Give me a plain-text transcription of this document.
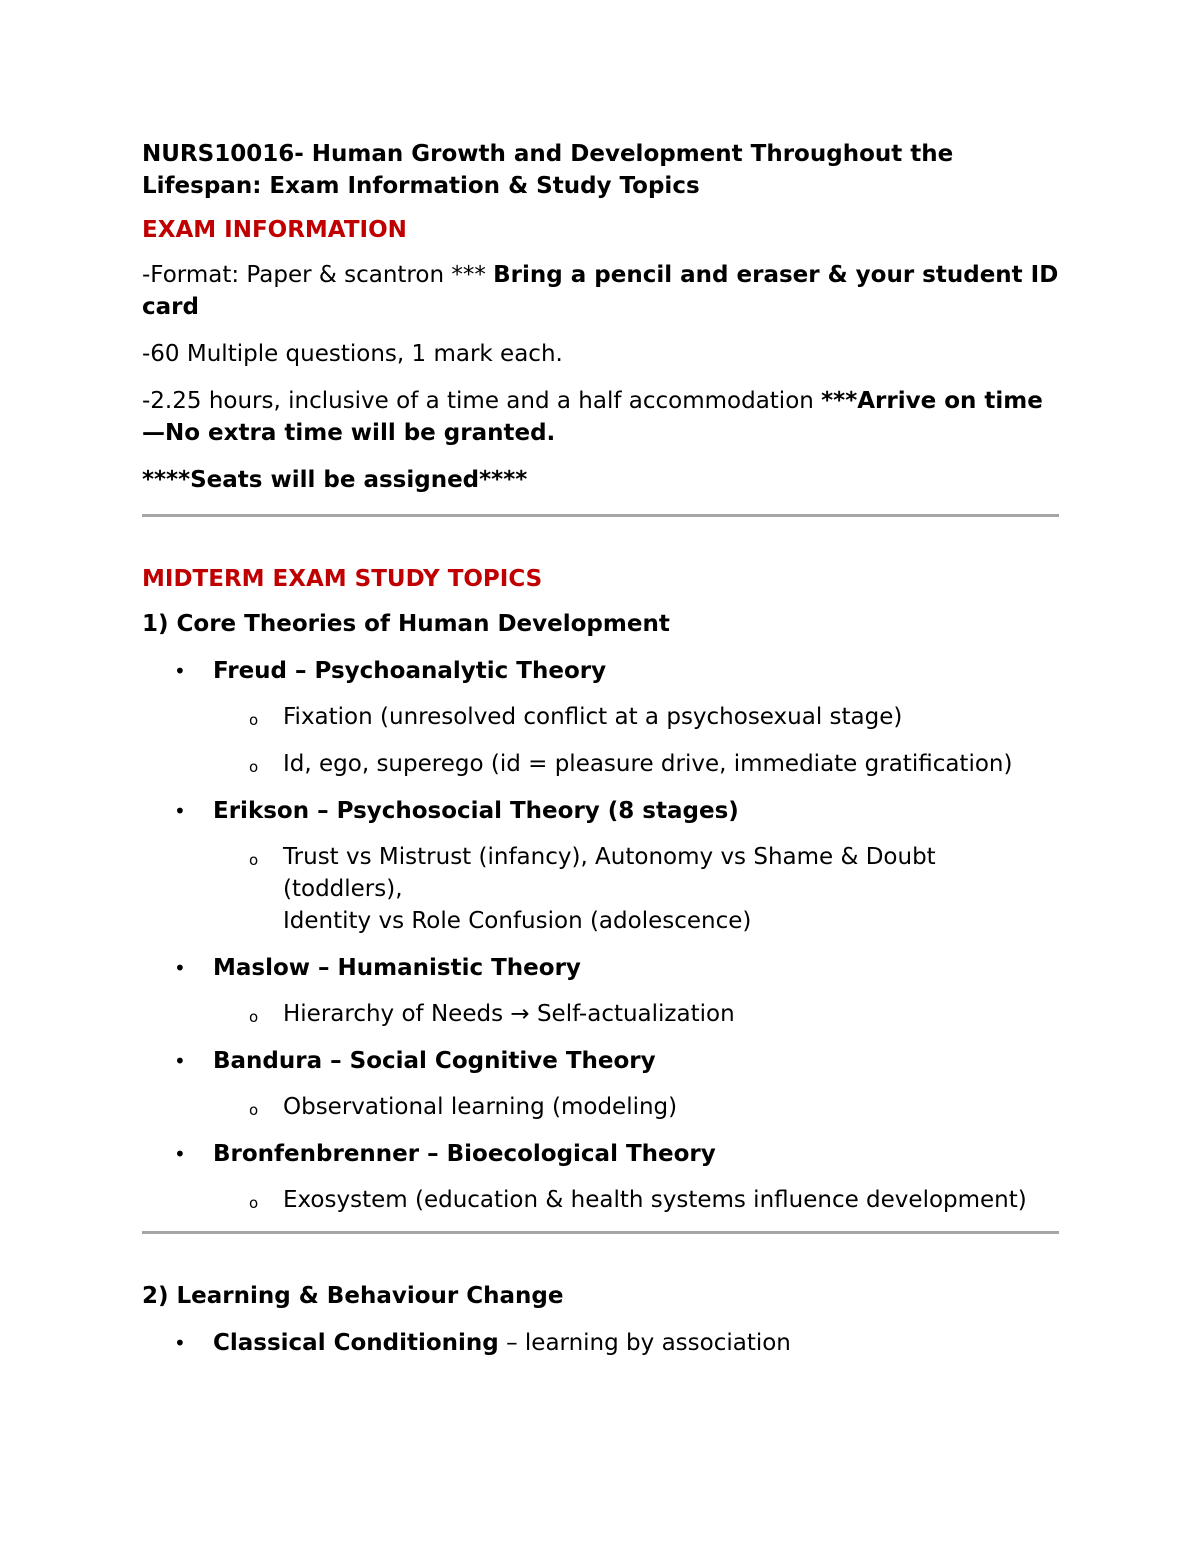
NURS10016- Human Growth and Development Throughout the
Lifespan: Exam Information & Study Topics
EXAM INFORMATION

-Format: Paper & scantron *** Bring a pencil and eraser & your student ID card

-60 Multiple questions, 1 mark each.

-2.25 hours, inclusive of a time and a half accommodation ***Arrive on time—No extra time will be granted.

****Seats will be assigned****

MIDTERM EXAM STUDY TOPICS
1) Core Theories of Human Development
• Freud – Psychoanalytic Theory
o Fixation (unresolved conflict at a psychosexual stage)
o Id, ego, superego (id = pleasure drive, immediate gratification)
• Erikson – Psychosocial Theory (8 stages)
o Trust vs Mistrust (infancy), Autonomy vs Shame & Doubt (toddlers),
Identity vs Role Confusion (adolescence)
• Maslow – Humanistic Theory
o Hierarchy of Needs → Self-actualization
• Bandura – Social Cognitive Theory
o Observational learning (modeling)
• Bronfenbrenner – Bioecological Theory
o Exosystem (education & health systems influence development)
2) Learning & Behaviour Change
• Classical Conditioning – learning by association
